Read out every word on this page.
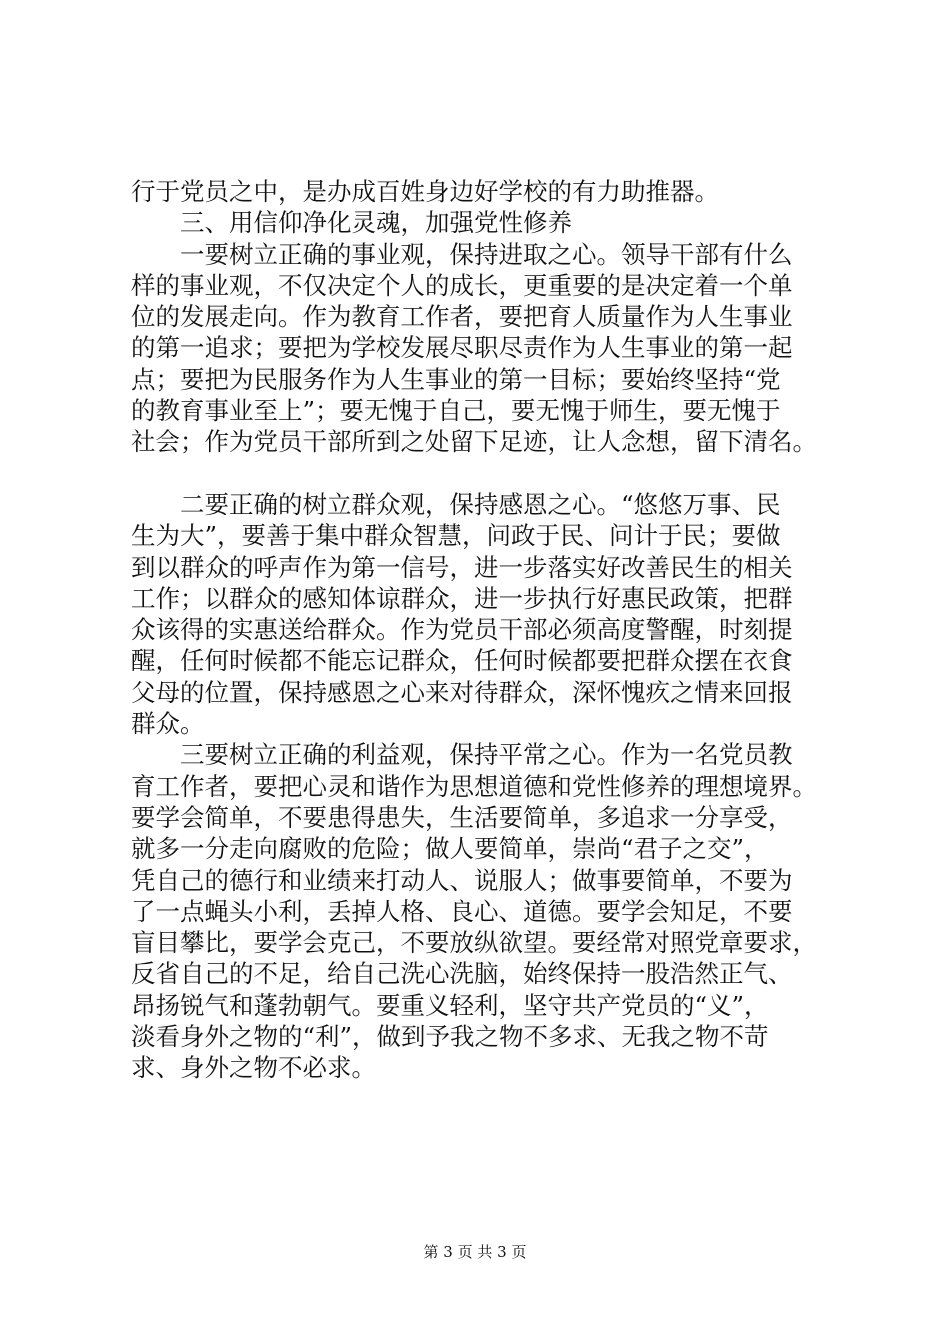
行于党员之中，是办成百姓身边好学校的有力助推器。
　　三、用信仰净化灵魂，加强党性修养
　　一要树立正确的事业观，保持进取之心。领导干部有什么
样的事业观，不仅决定个人的成长，更重要的是决定着一个单
位的发展走向。作为教育工作者，要把育人质量作为人生事业
的第一追求；要把为学校发展尽职尽责作为人生事业的第一起
点；要把为民服务作为人生事业的第一目标；要始终坚持“党
的教育事业至上”；要无愧于自己，要无愧于师生，要无愧于
社会；作为党员干部所到之处留下足迹，让人念想，留下清名。
　　二要正确的树立群众观，保持感恩之心。“悠悠万事、民
生为大”，要善于集中群众智慧，问政于民、问计于民；要做
到以群众的呼声作为第一信号，进一步落实好改善民生的相关
工作；以群众的感知体谅群众，进一步执行好惠民政策，把群
众该得的实惠送给群众。作为党员干部必须高度警醒，时刻提
醒，任何时候都不能忘记群众，任何时候都要把群众摆在衣食
父母的位置，保持感恩之心来对待群众，深怀愧疚之情来回报
群众。
　　三要树立正确的利益观，保持平常之心。作为一名党员教
育工作者，要把心灵和谐作为思想道德和党性修养的理想境界。
要学会简单，不要患得患失，生活要简单，多追求一分享受，
就多一分走向腐败的危险；做人要简单，崇尚“君子之交”，
凭自己的德行和业绩来打动人、说服人；做事要简单，不要为
了一点蝇头小利，丢掉人格、良心、道德。要学会知足，不要
盲目攀比，要学会克己，不要放纵欲望。要经常对照党章要求，
反省自己的不足，给自己洗心洗脑，始终保持一股浩然正气、
昂扬锐气和蓬勃朝气。要重义轻利，坚守共产党员的“义”，
淡看身外之物的“利”，做到予我之物不多求、无我之物不苛
求、身外之物不必求。
第 3 页 共 3 页
